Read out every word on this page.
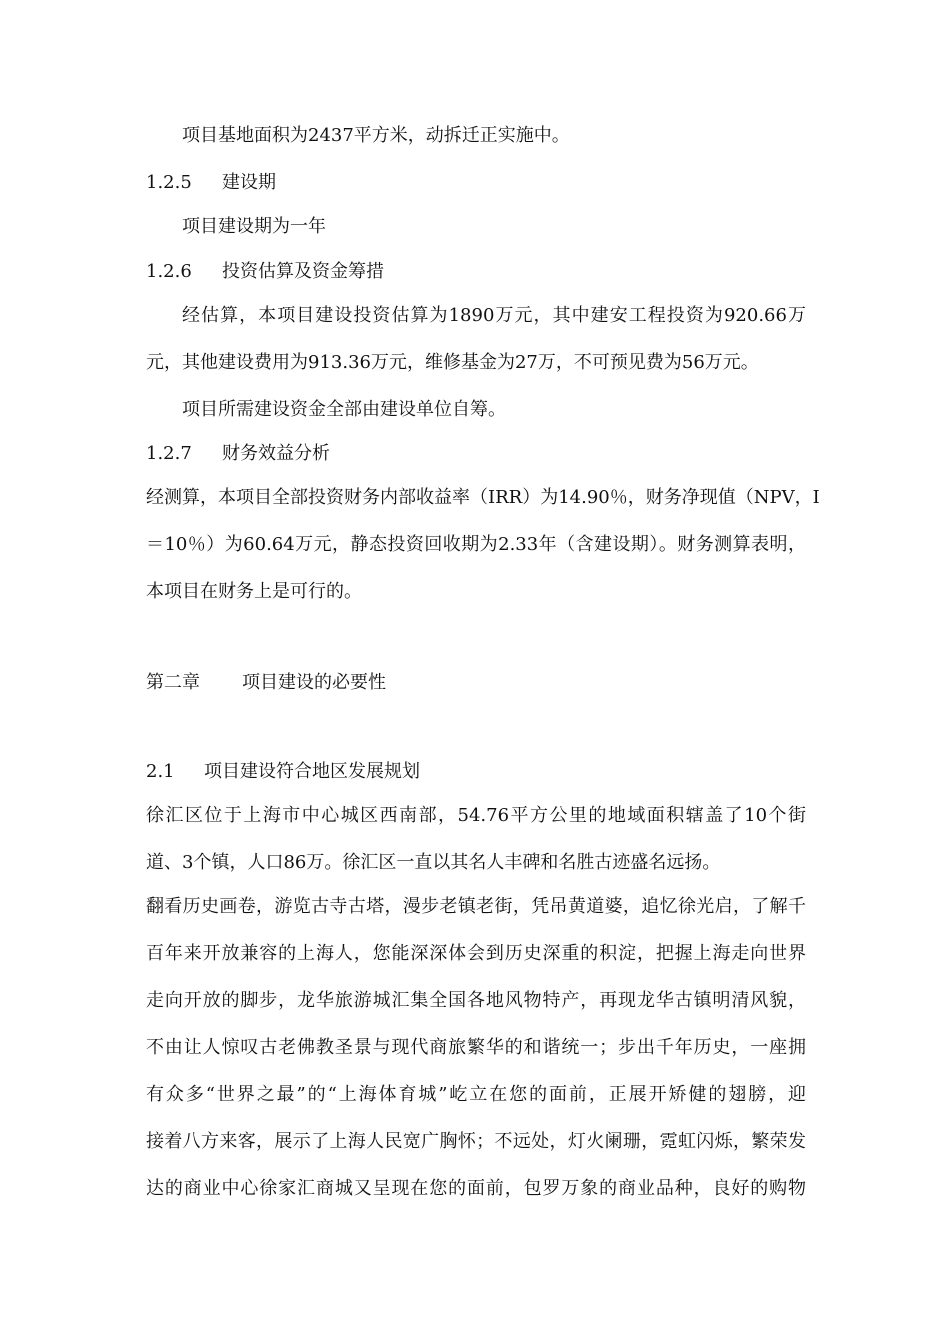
项目基地面积为2437平方米，动拆迁正实施中。

1.2.5 建设期

项目建设期为一年

1.2.6 投资估算及资金筹措

经估算，本项目建设投资估算为1890万元，其中建安工程投资为920.66万

元，其他建设费用为913.36万元，维修基金为27万，不可预见费为56万元。

项目所需建设资金全部由建设单位自筹。

1.2.7 财务效益分析

经测算，本项目全部投资财务内部收益率（IRR）为14.90％，财务净现值（NPV，I

＝10％）为60.64万元，静态投资回收期为2.33年（含建设期）。财务测算表明，

本项目在财务上是可行的。

第二章 项目建设的必要性

2.1 项目建设符合地区发展规划

徐汇区位于上海市中心城区西南部，54.76平方公里的地域面积辖盖了10个街

道、3个镇，人口86万。徐汇区一直以其名人丰碑和名胜古迹盛名远扬。

翻看历史画卷，游览古寺古塔，漫步老镇老街，凭吊黄道婆，追忆徐光启，了解千

百年来开放兼容的上海人，您能深深体会到历史深重的积淀，把握上海走向世界

走向开放的脚步，龙华旅游城汇集全国各地风物特产，再现龙华古镇明清风貌，

不由让人惊叹古老佛教圣景与现代商旅繁华的和谐统一；步出千年历史，一座拥

有众多“世界之最”的“上海体育城”屹立在您的面前，正展开矫健的翅膀，迎

接着八方来客，展示了上海人民宽广胸怀；不远处，灯火阑珊，霓虹闪烁，繁荣发

达的商业中心徐家汇商城又呈现在您的面前，包罗万象的商业品种，良好的购物
